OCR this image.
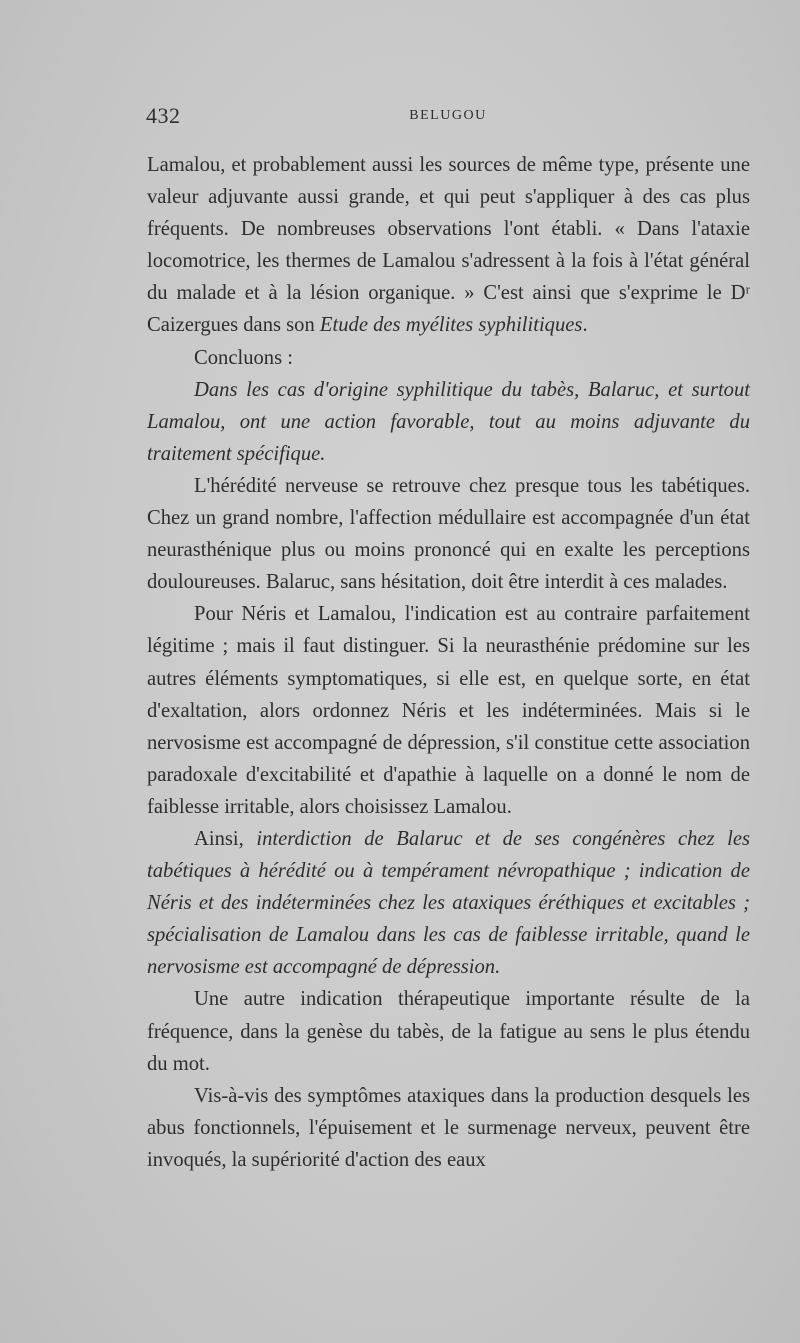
432	BELUGOU

Lamalou, et probablement aussi les sources de même type, présente une valeur adjuvante aussi grande, et qui peut s'appliquer à des cas plus fréquents. De nombreuses observations l'ont établi. « Dans l'ataxie locomotrice, les thermes de Lamalou s'adressent à la fois à l'état général du malade et à la lésion organique. » C'est ainsi que s'exprime le Dʳ Caizergues dans son Etude des myélites syphilitiques.

Concluons :

Dans les cas d'origine syphilitique du tabès, Balaruc, et surtout Lamalou, ont une action favorable, tout au moins adjuvante du traitement spécifique.

L'hérédité nerveuse se retrouve chez presque tous les tabétiques. Chez un grand nombre, l'affection médullaire est accompagnée d'un état neurasthénique plus ou moins prononcé qui en exalte les perceptions douloureuses. Balaruc, sans hésitation, doit être interdit à ces malades.

Pour Néris et Lamalou, l'indication est au contraire parfaitement légitime ; mais il faut distinguer. Si la neurasthénie prédomine sur les autres éléments symptomatiques, si elle est, en quelque sorte, en état d'exaltation, alors ordonnez Néris et les indéterminées. Mais si le nervosisme est accompagné de dépression, s'il constitue cette association paradoxale d'excitabilité et d'apathie à laquelle on a donné le nom de faiblesse irritable, alors choisissez Lamalou.

Ainsi, interdiction de Balaruc et de ses congénères chez les tabétiques à hérédité ou à tempérament névropathique ; indication de Néris et des indéterminées chez les ataxiques éréthiques et excitables ; spécialisation de Lamalou dans les cas de faiblesse irritable, quand le nervosisme est accompagné de dépression.

Une autre indication thérapeutique importante résulte de la fréquence, dans la genèse du tabès, de la fatigue au sens le plus étendu du mot.

Vis-à-vis des symptômes ataxiques dans la production desquels les abus fonctionnels, l'épuisement et le surmenage nerveux, peuvent être invoqués, la supériorité d'action des eaux
